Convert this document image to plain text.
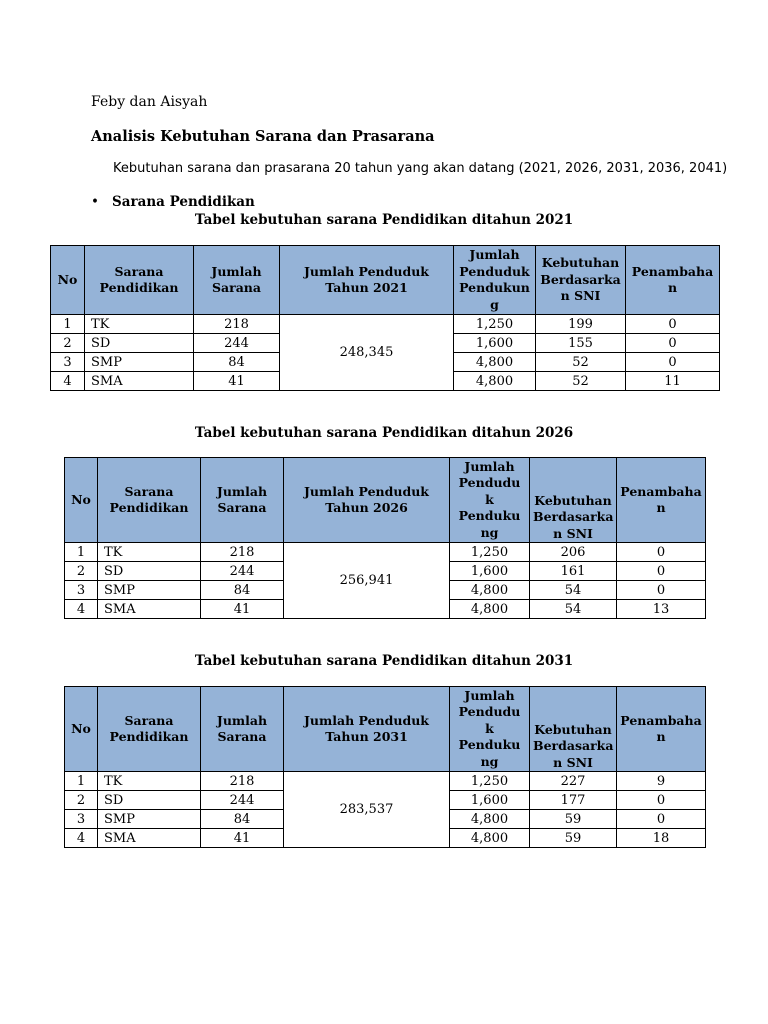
Feby dan Aisyah
Analisis Kebutuhan Sarana dan Prasarana
Kebutuhan sarana dan prasarana 20 tahun yang akan datang (2021, 2026, 2031, 2036, 2041)
• Sarana Pendidikan
Tabel kebutuhan sarana Pendidikan ditahun 2021
No	Sarana Pendidikan	Jumlah Sarana	Jumlah Penduduk Tahun 2021	Jumlah Penduduk Pendukun g	Kebutuhan Berdasarka n SNI	Penambaha n
1	TK	218	248,345	1,250	199	0
2	SD	244		1,600	155	0
3	SMP	84		4,800	52	0
4	SMA	41		4,800	52	11
Tabel kebutuhan sarana Pendidikan ditahun 2026
No	Sarana Pendidikan	Jumlah Sarana	Jumlah Penduduk Tahun 2026	Jumlah Pendudu k Penduku ng	Kebutuhan Berdasarka n SNI	Penambaha n
1	TK	218	256,941	1,250	206	0
2	SD	244		1,600	161	0
3	SMP	84		4,800	54	0
4	SMA	41		4,800	54	13
Tabel kebutuhan sarana Pendidikan ditahun 2031
No	Sarana Pendidikan	Jumlah Sarana	Jumlah Penduduk Tahun 2031	Jumlah Pendudu k Penduku ng	Kebutuhan Berdasarka n SNI	Penambaha n
1	TK	218	283,537	1,250	227	9
2	SD	244		1,600	177	0
3	SMP	84		4,800	59	0
4	SMA	41		4,800	59	18
